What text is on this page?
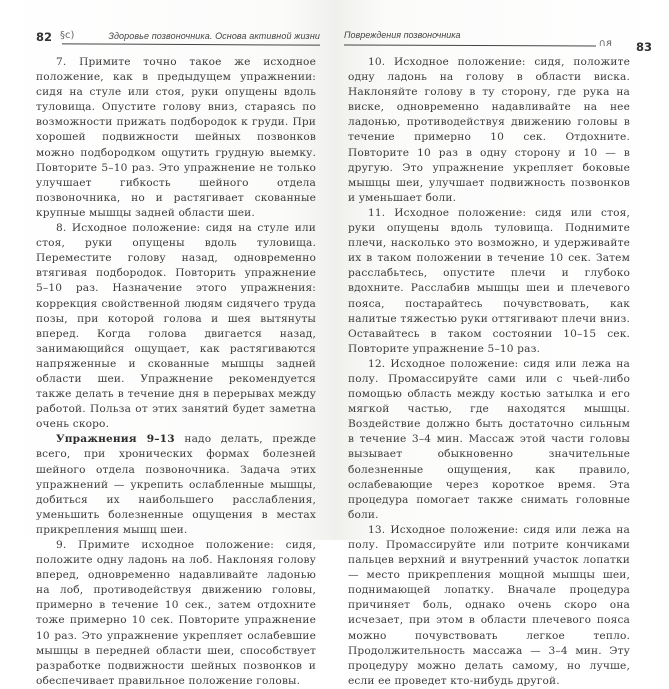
82 §c)	Здоровье позвоночника. Основа активной жизни

7. Примите точно такое же исходное положение, как в предыдущем упражнении: сидя на стуле или стоя, руки опущены вдоль туловища. Опустите голову вниз, стараясь по возможности прижать подбородок к груди. При хорошей подвижности шейных позвонков можно подбородком ощутить грудную выемку. Повторите 5–10 раз. Это упражнение не только улучшает гибкость шейного отдела позвоночника, но и растягивает скованные крупные мышцы задней области шеи.

8. Исходное положение: сидя на стуле или стоя, руки опущены вдоль туловища. Переместите голову назад, одновременно втягивая подбородок. Повторить упражнение 5–10 раз. Назначение этого упражнения: коррекция свойственной людям сидячего труда позы, при которой голова и шея вытянуты вперед. Когда голова двигается назад, занимающийся ощущает, как растягиваются напряженные и скованные мышцы задней области шеи. Упражнение рекомендуется также делать в течение дня в перерывах между работой. Польза от этих занятий будет заметна очень скоро.

Упражнения 9–13 надо делать, прежде всего, при хронических формах болезней шейного отдела позвоночника. Задача этих упражнений — укрепить ослабленные мышцы, добиться их наибольшего расслабления, уменьшить болезненные ощущения в местах прикрепления мышц шеи.

9. Примите исходное положение: сидя, положите одну ладонь на лоб. Наклоняя голову вперед, одновременно надавливайте ладонью на лоб, противодействуя движению головы, примерно в течение 10 сек., затем отдохните тоже примерно 10 сек. Повторите упражнение 10 раз. Это упражнение укрепляет ослабевшие мышцы в передней области шеи, способствует разработке подвижности шейных позвонков и обеспечивает правильное положение головы.

Повреждения позвоночника
∩ᴙ 83

10. Исходное положение: сидя, положите одну ладонь на голову в области виска. Наклоняйте голову в ту сторону, где рука на виске, одновременно надавливайте на нее ладонью, противодействуя движению головы в течение примерно 10 сек. Отдохните. Повторите 10 раз в одну сторону и 10 — в другую. Это упражнение укрепляет боковые мышцы шеи, улучшает подвижность позвонков и уменьшает боли.

11. Исходное положение: сидя или стоя, руки опущены вдоль туловища. Поднимите плечи, насколько это возможно, и удерживайте их в таком положении в течение 10 сек. Затем расслабьтесь, опустите плечи и глубоко вдохните. Расслабив мышцы шеи и плечевого пояса, постарайтесь почувствовать, как налитые тяжестью руки оттягивают плечи вниз. Оставайтесь в таком состоянии 10–15 сек. Повторите упражнение 5–10 раз.

12. Исходное положение: сидя или лежа на полу. Промассируйте сами или с чьей-либо помощью область между костью затылка и его мягкой частью, где находятся мышцы. Воздействие должно быть достаточно сильным в течение 3–4 мин. Массаж этой части головы вызывает обыкновенно значительные болезненные ощущения, как правило, ослабевающие через короткое время. Эта процедура помогает также снимать головные боли.

13. Исходное положение: сидя или лежа на полу. Промассируйте или потрите кончиками пальцев верхний и внутренний участок лопатки — место прикрепления мощной мышцы шеи, поднимающей лопатку. Вначале процедура причиняет боль, однако очень скоро она исчезает, при этом в области плечевого пояса можно почувствовать легкое тепло. Продолжительность массажа — 3–4 мин. Эту процедуру можно делать самому, но лучше, если ее проведет кто-нибудь другой.
